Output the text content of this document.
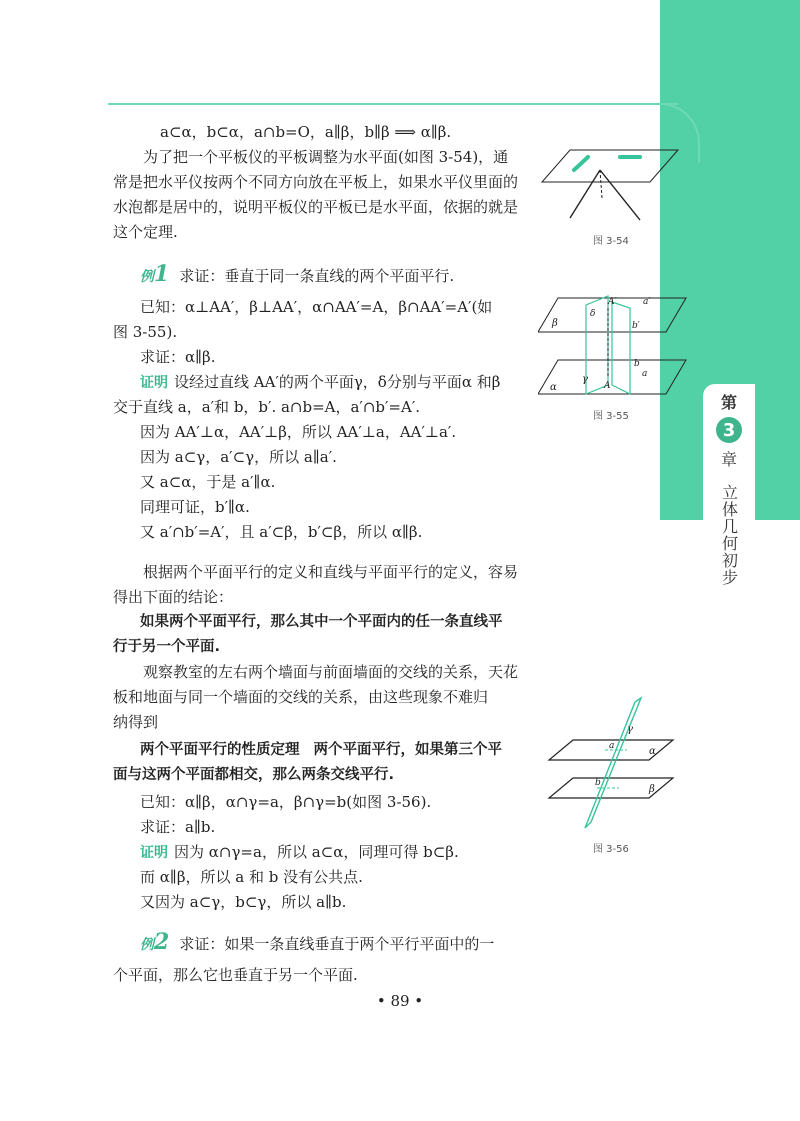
第
3
章
立体几何初步
a⊂α，b⊂α，a∩b=O，a∥β，b∥β ⟹ α∥β.
为了把一个平板仪的平板调整为水平面(如图 3-54)，通
常是把水平仪按两个不同方向放在平板上，如果水平仪里面的
水泡都是居中的，说明平板仪的平板已是水平面，依据的就是
这个定理.
例1 求证：垂直于同一条直线的两个平面平行.
已知：α⊥AA′，β⊥AA′，α∩AA′=A，β∩AA′=A′(如
图 3-55).
求证：α∥β.
证明 设经过直线 AA′的两个平面γ，δ分别与平面α 和β
交于直线 a，a′和 b，b′. a∩b=A，a′∩b′=A′.
因为 AA′⊥α，AA′⊥β，所以 AA′⊥a，AA′⊥a′.
因为 a⊂γ，a′⊂γ，所以 a∥a′.
又 a⊂α，于是 a′∥α.
同理可证，b′∥α.
又 a′∩b′=A′，且 a′⊂β，b′⊂β，所以 α∥β.
根据两个平面平行的定义和直线与平面平行的定义，容易
得出下面的结论：
如果两个平面平行，那么其中一个平面内的任一条直线平
行于另一个平面.
观察教室的左右两个墙面与前面墙面的交线的关系，天花
板和地面与同一个墙面的交线的关系，由这些现象不难归
纳得到
两个平面平行的性质定理 两个平面平行，如果第三个平
面与这两个平面都相交，那么两条交线平行.
已知：α∥β，α∩γ=a，β∩γ=b(如图 3-56).
求证：a∥b.
证明 因为 α∩γ=a，所以 a⊂α，同理可得 b⊂β.
而 α∥β，所以 a 和 b 没有公共点.
又因为 a⊂γ，b⊂γ，所以 a∥b.
例2 求证：如果一条直线垂直于两个平行平面中的一
个平面，那么它也垂直于另一个平面.
图 3-54
A′	a′
δ
b′
β
γ	a
b
A
α
图 3-55
γ
a	α
b
β
图 3-56
• 89 •
